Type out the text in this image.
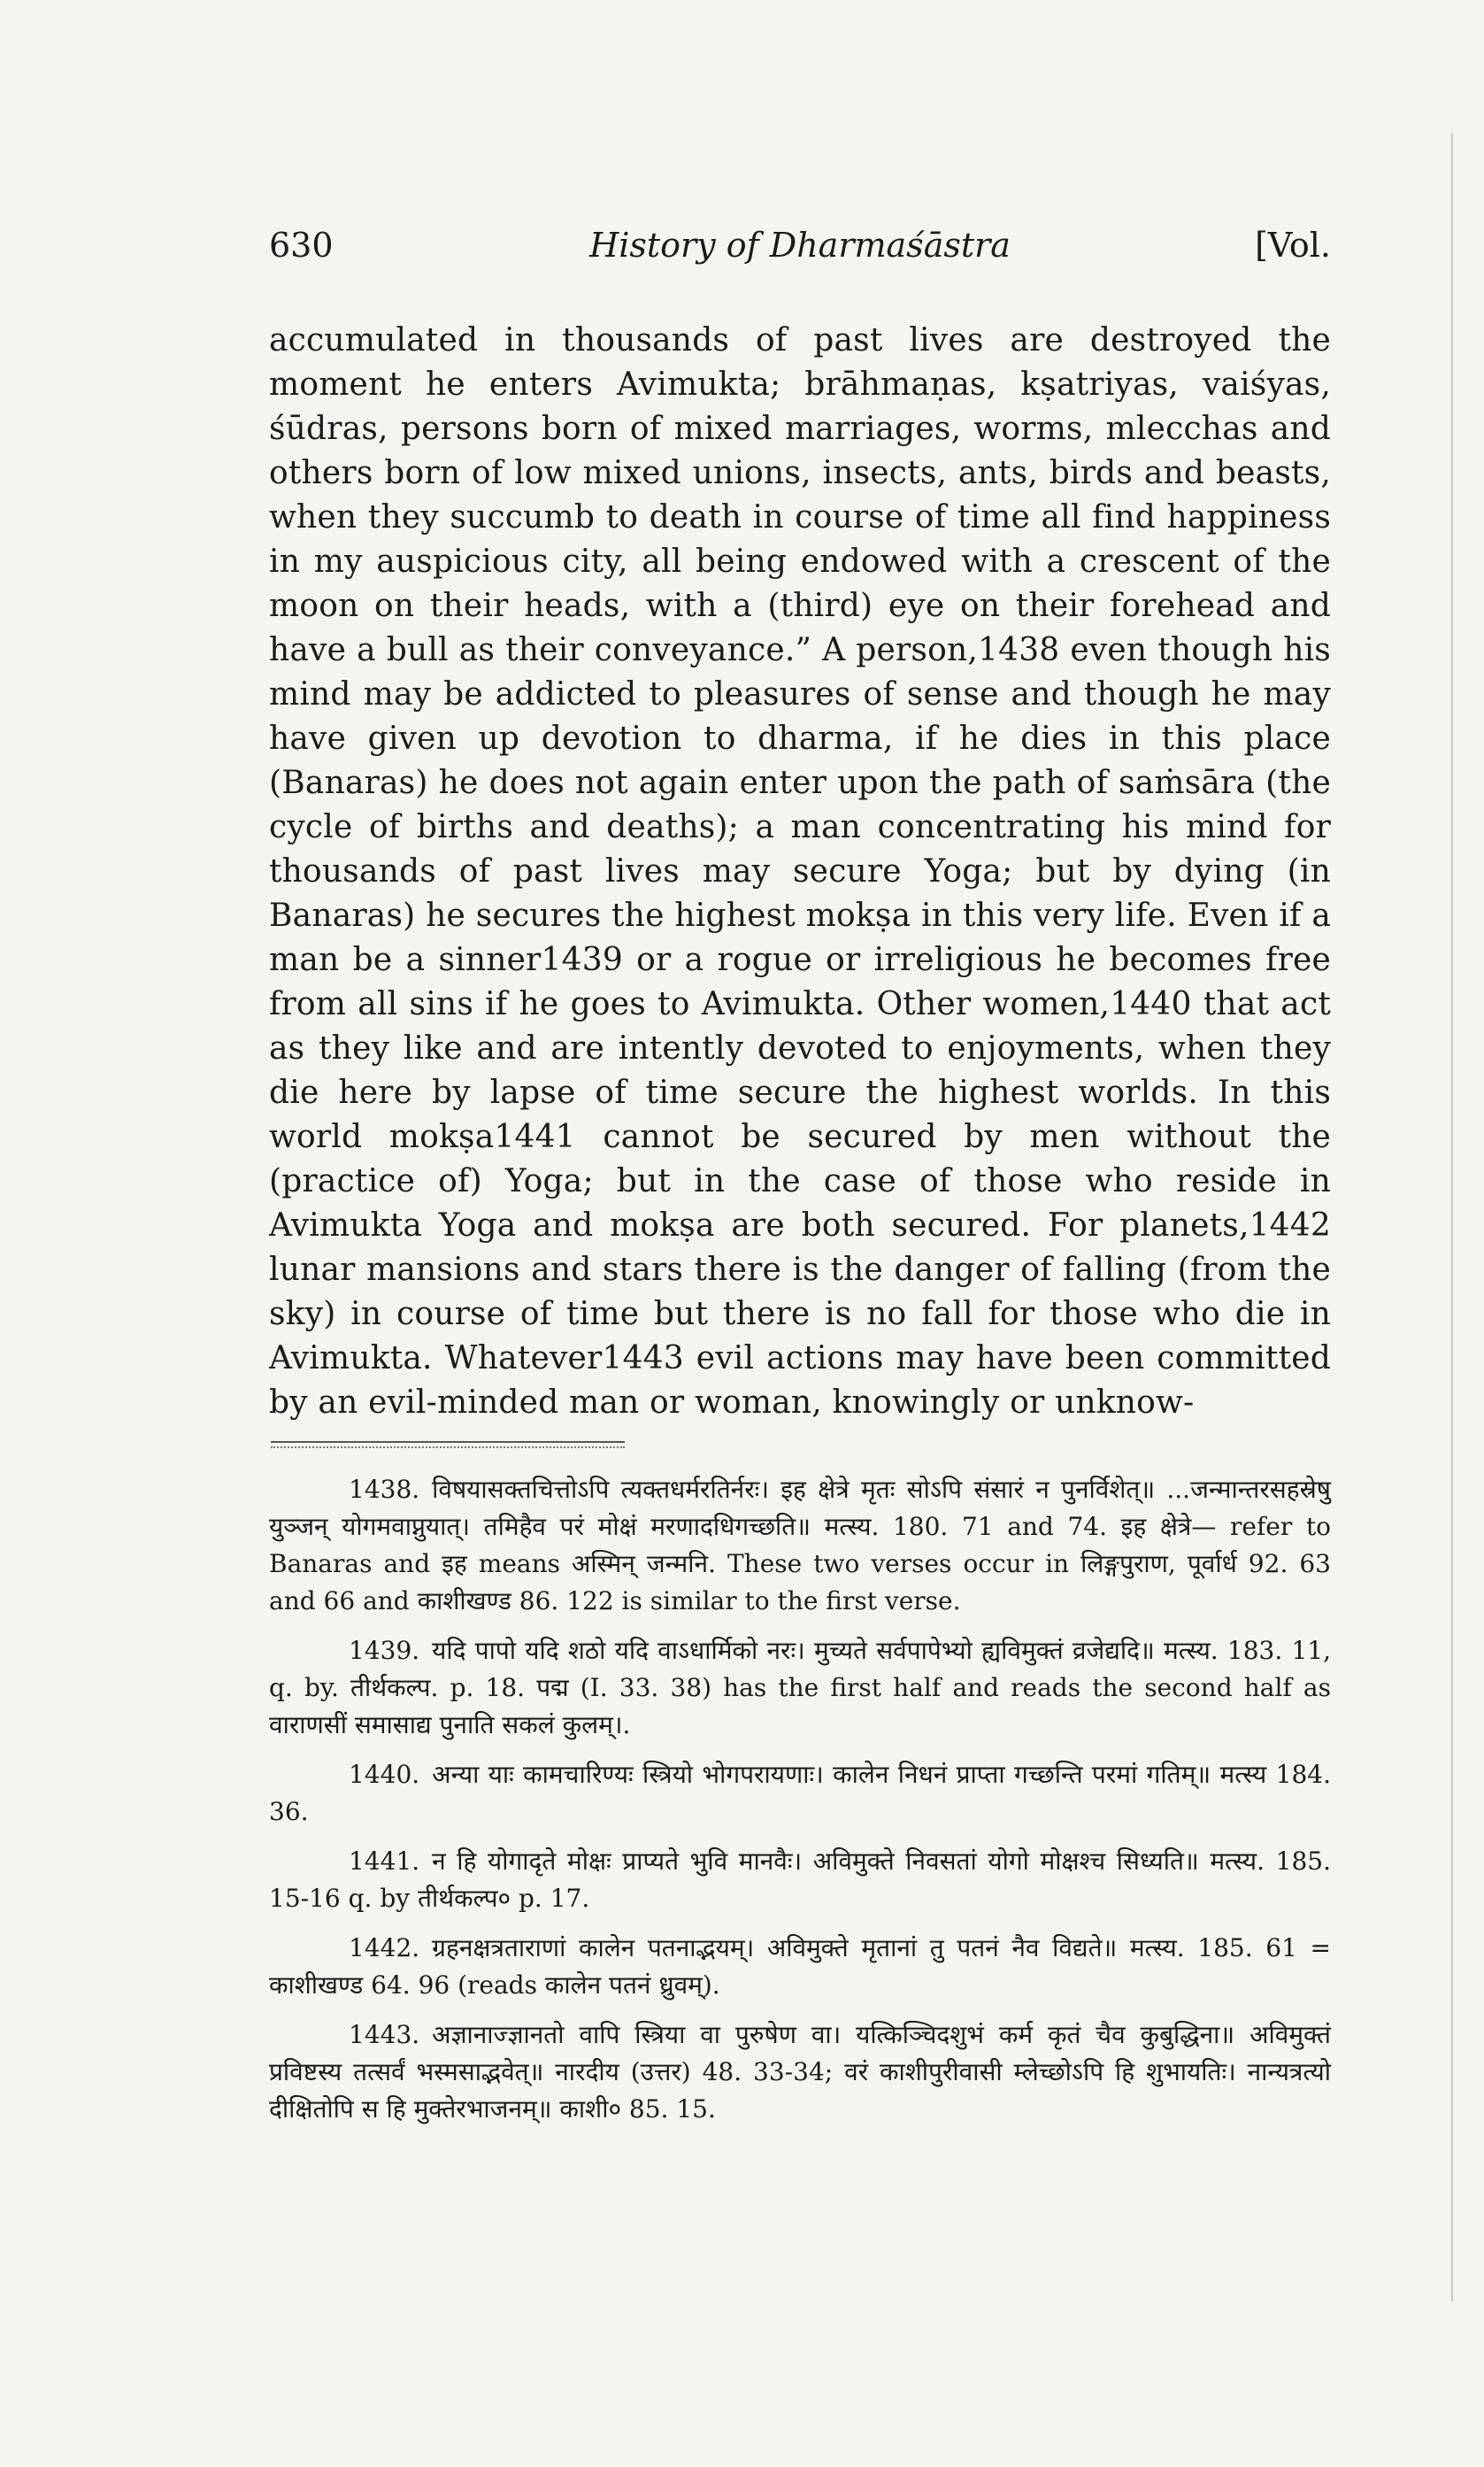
630	History of Dharmaśāstra	[Vol.

accumulated in thousands of past lives are destroyed the moment he enters Avimukta; brāhmaṇas, kṣatriyas, vaiśyas, śūdras, persons born of mixed marriages, worms, mlecchas and others born of low mixed unions, insects, ants, birds and beasts, when they succumb to death in course of time all find happiness in my auspicious city, all being endowed with a crescent of the moon on their heads, with a (third) eye on their forehead and have a bull as their conveyance.” A person,1438 even though his mind may be addicted to pleasures of sense and though he may have given up devotion to dharma, if he dies in this place (Banaras) he does not again enter upon the path of saṁsāra (the cycle of births and deaths); a man concentrating his mind for thousands of past lives may secure Yoga; but by dying (in Banaras) he secures the highest mokṣa in this very life. Even if a man be a sinner1439 or a rogue or irreligious he becomes free from all sins if he goes to Avimukta. Other women,1440 that act as they like and are intently devoted to enjoyments, when they die here by lapse of time secure the highest worlds. In this world mokṣa1441 cannot be secured by men without the (practice of) Yoga; but in the case of those who reside in Avimukta Yoga and mokṣa are both secured. For planets,1442 lunar mansions and stars there is the danger of falling (from the sky) in course of time but there is no fall for those who die in Avimukta. Whatever1443 evil actions may have been committed by an evil-minded man or woman, knowingly or unknow-

1438. विषयासक्तचित्तोऽपि त्यक्तधर्मरतिर्नरः। इह क्षेत्रे मृतः सोऽपि संसारं न पुनर्विशेत्॥ ...जन्मान्तरसहस्रेषु युञ्जन् योगमवाप्नुयात्। तमिहैव परं मोक्षं मरणादधिगच्छति॥ मत्स्य. 180. 71 and 74. इह क्षेत्रे— refer to Banaras and इह means अस्मिन् जन्मनि. These two verses occur in लिङ्गपुराण, पूर्वार्ध 92. 63 and 66 and काशीखण्ड 86. 122 is similar to the first verse.

1439. यदि पापो यदि शठो यदि वाऽधार्मिको नरः। मुच्यते सर्वपापेभ्यो ह्यविमुक्तं व्रजेद्यदि॥ मत्स्य. 183. 11, q. by. तीर्थकल्प. p. 18. पद्म (I. 33. 38) has the first half and reads the second half as वाराणसीं समासाद्य पुनाति सकलं कुलम्।.

1440. अन्या याः कामचारिण्यः स्त्रियो भोगपरायणाः। कालेन निधनं प्राप्ता गच्छन्ति परमां गतिम्॥ मत्स्य 184. 36.

1441. न हि योगादृते मोक्षः प्राप्यते भुवि मानवैः। अविमुक्ते निवसतां योगो मोक्षश्च सिध्यति॥ मत्स्य. 185. 15-16 q. by तीर्थकल्प० p. 17.

1442. ग्रहनक्षत्रताराणां कालेन पतनाद्भयम्। अविमुक्ते मृतानां तु पतनं नैव विद्यते॥ मत्स्य. 185. 61 = काशीखण्ड 64. 96 (reads कालेन पतनं ध्रुवम्).

1443. अज्ञानाज्ज्ञानतो वापि स्त्रिया वा पुरुषेण वा। यत्किञ्चिदशुभं कर्म कृतं चैव कुबुद्धिना॥ अविमुक्तं प्रविष्टस्य तत्सर्वं भस्मसाद्भवेत्॥ नारदीय (उत्तर) 48. 33-34; वरं काशीपुरीवासी म्लेच्छोऽपि हि शुभायतिः। नान्यत्रत्यो दीक्षितोपि स हि मुक्तेरभाजनम्॥ काशी० 85. 15.
